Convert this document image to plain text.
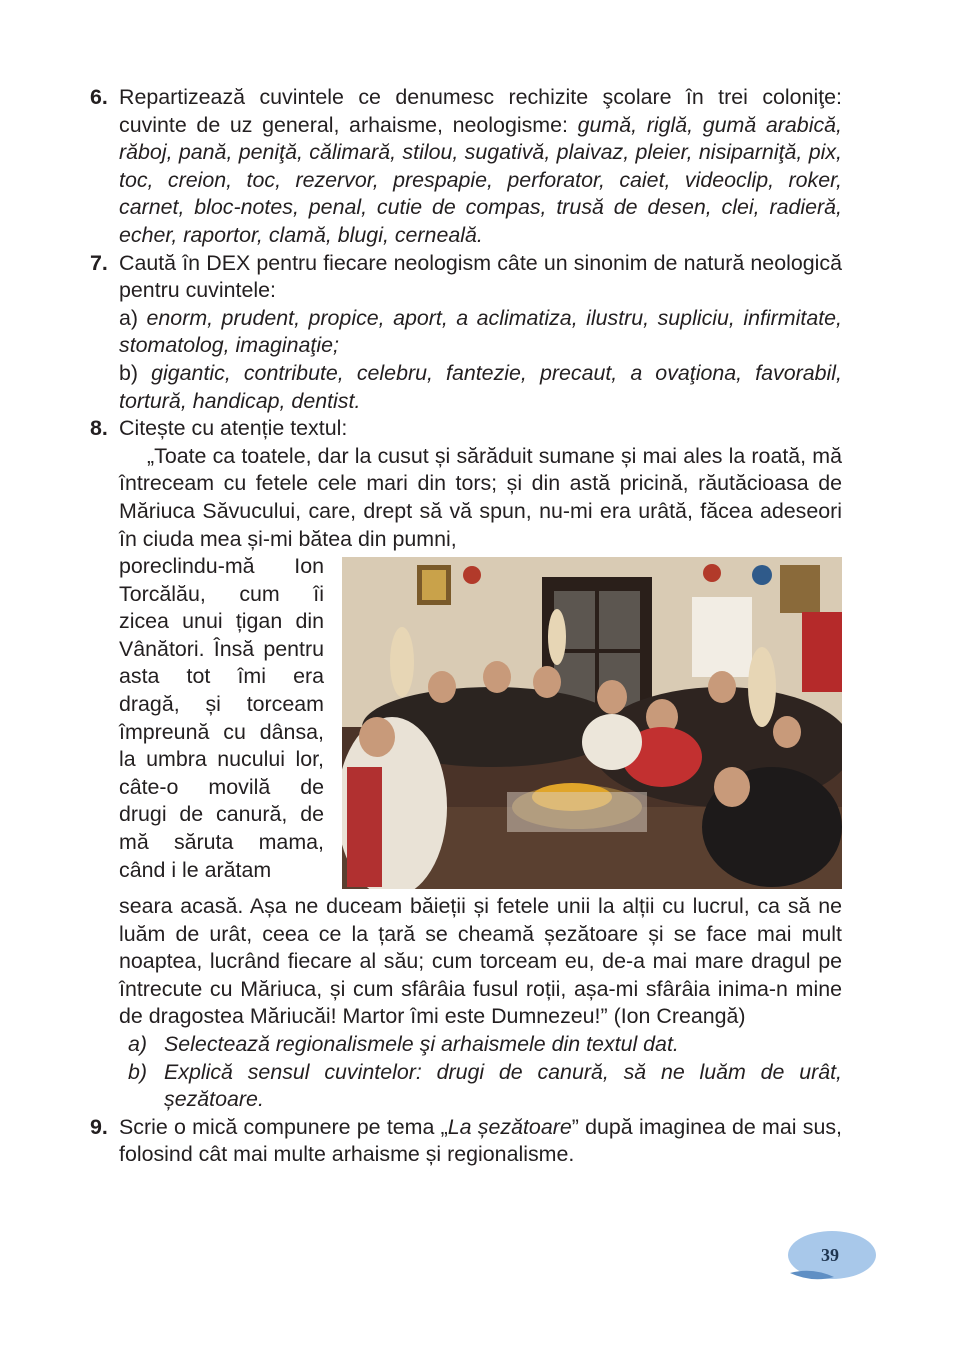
6. Repartizează cuvintele ce denumesc rechizite şcolare în trei coloniţe: cuvinte de uz general, arhaisme, neologisme: gumă, riglă, gumă arabică, răboj, pană, peniţă, călimară, stilou, sugativă, plaivaz, pleier, nisiparniţă, pix, toc, creion, toc, rezervor, prespapie, perforator, caiet, videoclip, roker, carnet, bloc-notes, penal, cutie de compas, trusă de desen, clei, radieră, echer, raportor, clamă, blugi, cerneală.

7. Caută în DEX pentru fiecare neologism câte un sinonim de natură neologică pentru cuvintele:

a) enorm, prudent, propice, aport, a aclimatiza, ilustru, supliciu, infirmitate, stomatolog, imaginaţie;

b) gigantic, contribute, celebru, fantezie, precaut, a ovaţiona, favorabil, tortură, handicap, dentist.

8. Citește cu atenție textul:

„Toate ca toatele, dar la cusut și sărăduit sumane și mai ales la roată, mă întreceam cu fetele cele mari din tors; și din astă pricină, răutăcioasa de Măriuca Săvucului, care, drept să vă spun, nu-mi era urâtă, făcea adeseori în ciuda mea și-mi bătea din pumni,

poreclindu-mă Ion Torcălău, cum îi zicea unui țigan din Vânători. Însă pentru asta tot îmi era dragă, și torceam împreună cu dânsa, la umbra nucului lor, câte-o movilă de drugi de canură, de mă săruta mama, când i le arătam

seara acasă. Așa ne duceam băieții și fetele unii la alții cu lucrul, ca să ne luăm de urât, ceea ce la țară se cheamă șezătoare și se face mai mult noaptea, lucrând fiecare al său; cum torceam eu, de-a mai mare dragul pe întrecute cu Măriuca, și cum sfârâia fusul roții, așa-mi sfârâia inima-n mine de dragostea Măriucăi! Martor îmi este Dumnezeu!” (Ion Creangă)

a) Selectează regionalismele şi arhaismele din textul dat.
b) Explică sensul cuvintelor: drugi de canură, să ne luăm de urât, șezătoare.
9. Scrie o mică compunere pe tema „La șezătoare” după imaginea de mai sus, folosind cât mai multe arhaisme și regionalisme.

39
